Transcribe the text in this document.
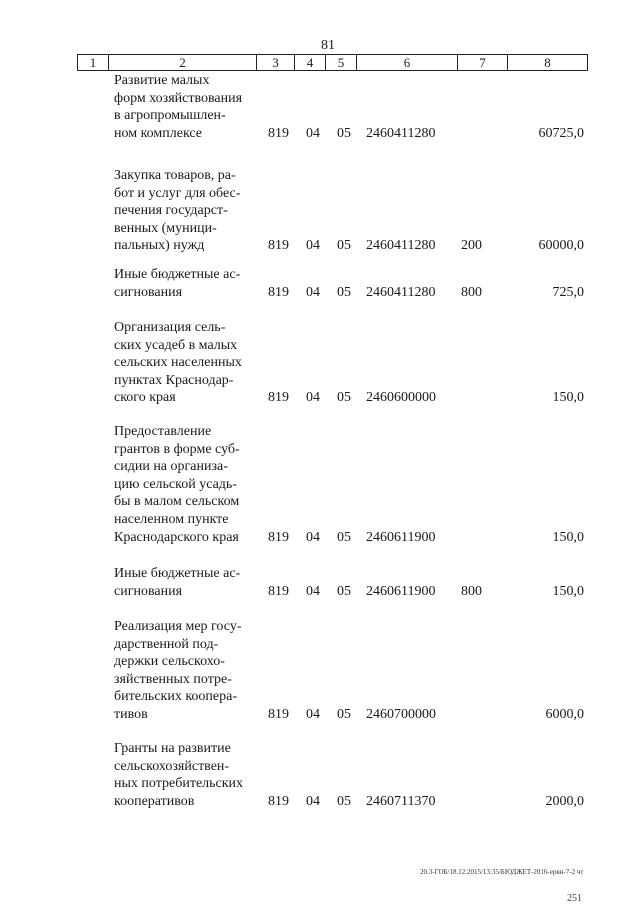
81
1	2	3	4	5	6	7	8
Развитие малых
форм хозяйствования
в агропромышлен-
ном комплексе	819 04 05 2460411280	60725,0
Закупка товаров, ра-
бот и услуг для обес-
печения государст-
венных (муници-
пальных) нужд	819 04 05 2460411280 200	60000,0
Иные бюджетные ас-
сигнования	819 04 05 2460411280 800	725,0
Организация сель-
ских усадеб в малых
сельских населенных
пунктах Краснодар-
ского края	819 04 05 2460600000	150,0
Предоставление
грантов в форме суб-
сидии на организа-
цию сельской усадь-
бы в малом сельском
населенном пункте
Краснодарского края	819 04 05 2460611900	150,0
Иные бюджетные ас-
сигнования	819 04 05 2460611900 800	150,0
Реализация мер госу-
дарственной под-
держки сельскохо-
зяйственных потре-
бительских коопера-
тивов	819 04 05 2460700000	6000,0
Гранты на развитие
сельскохозяйствен-
ных потребительских
кооперативов	819 04 05 2460711370	2000,0
20.3-ГОБ/18.12.2015/13:35/БЮДЖЕТ-2016-ервн-7-2 чт
251
